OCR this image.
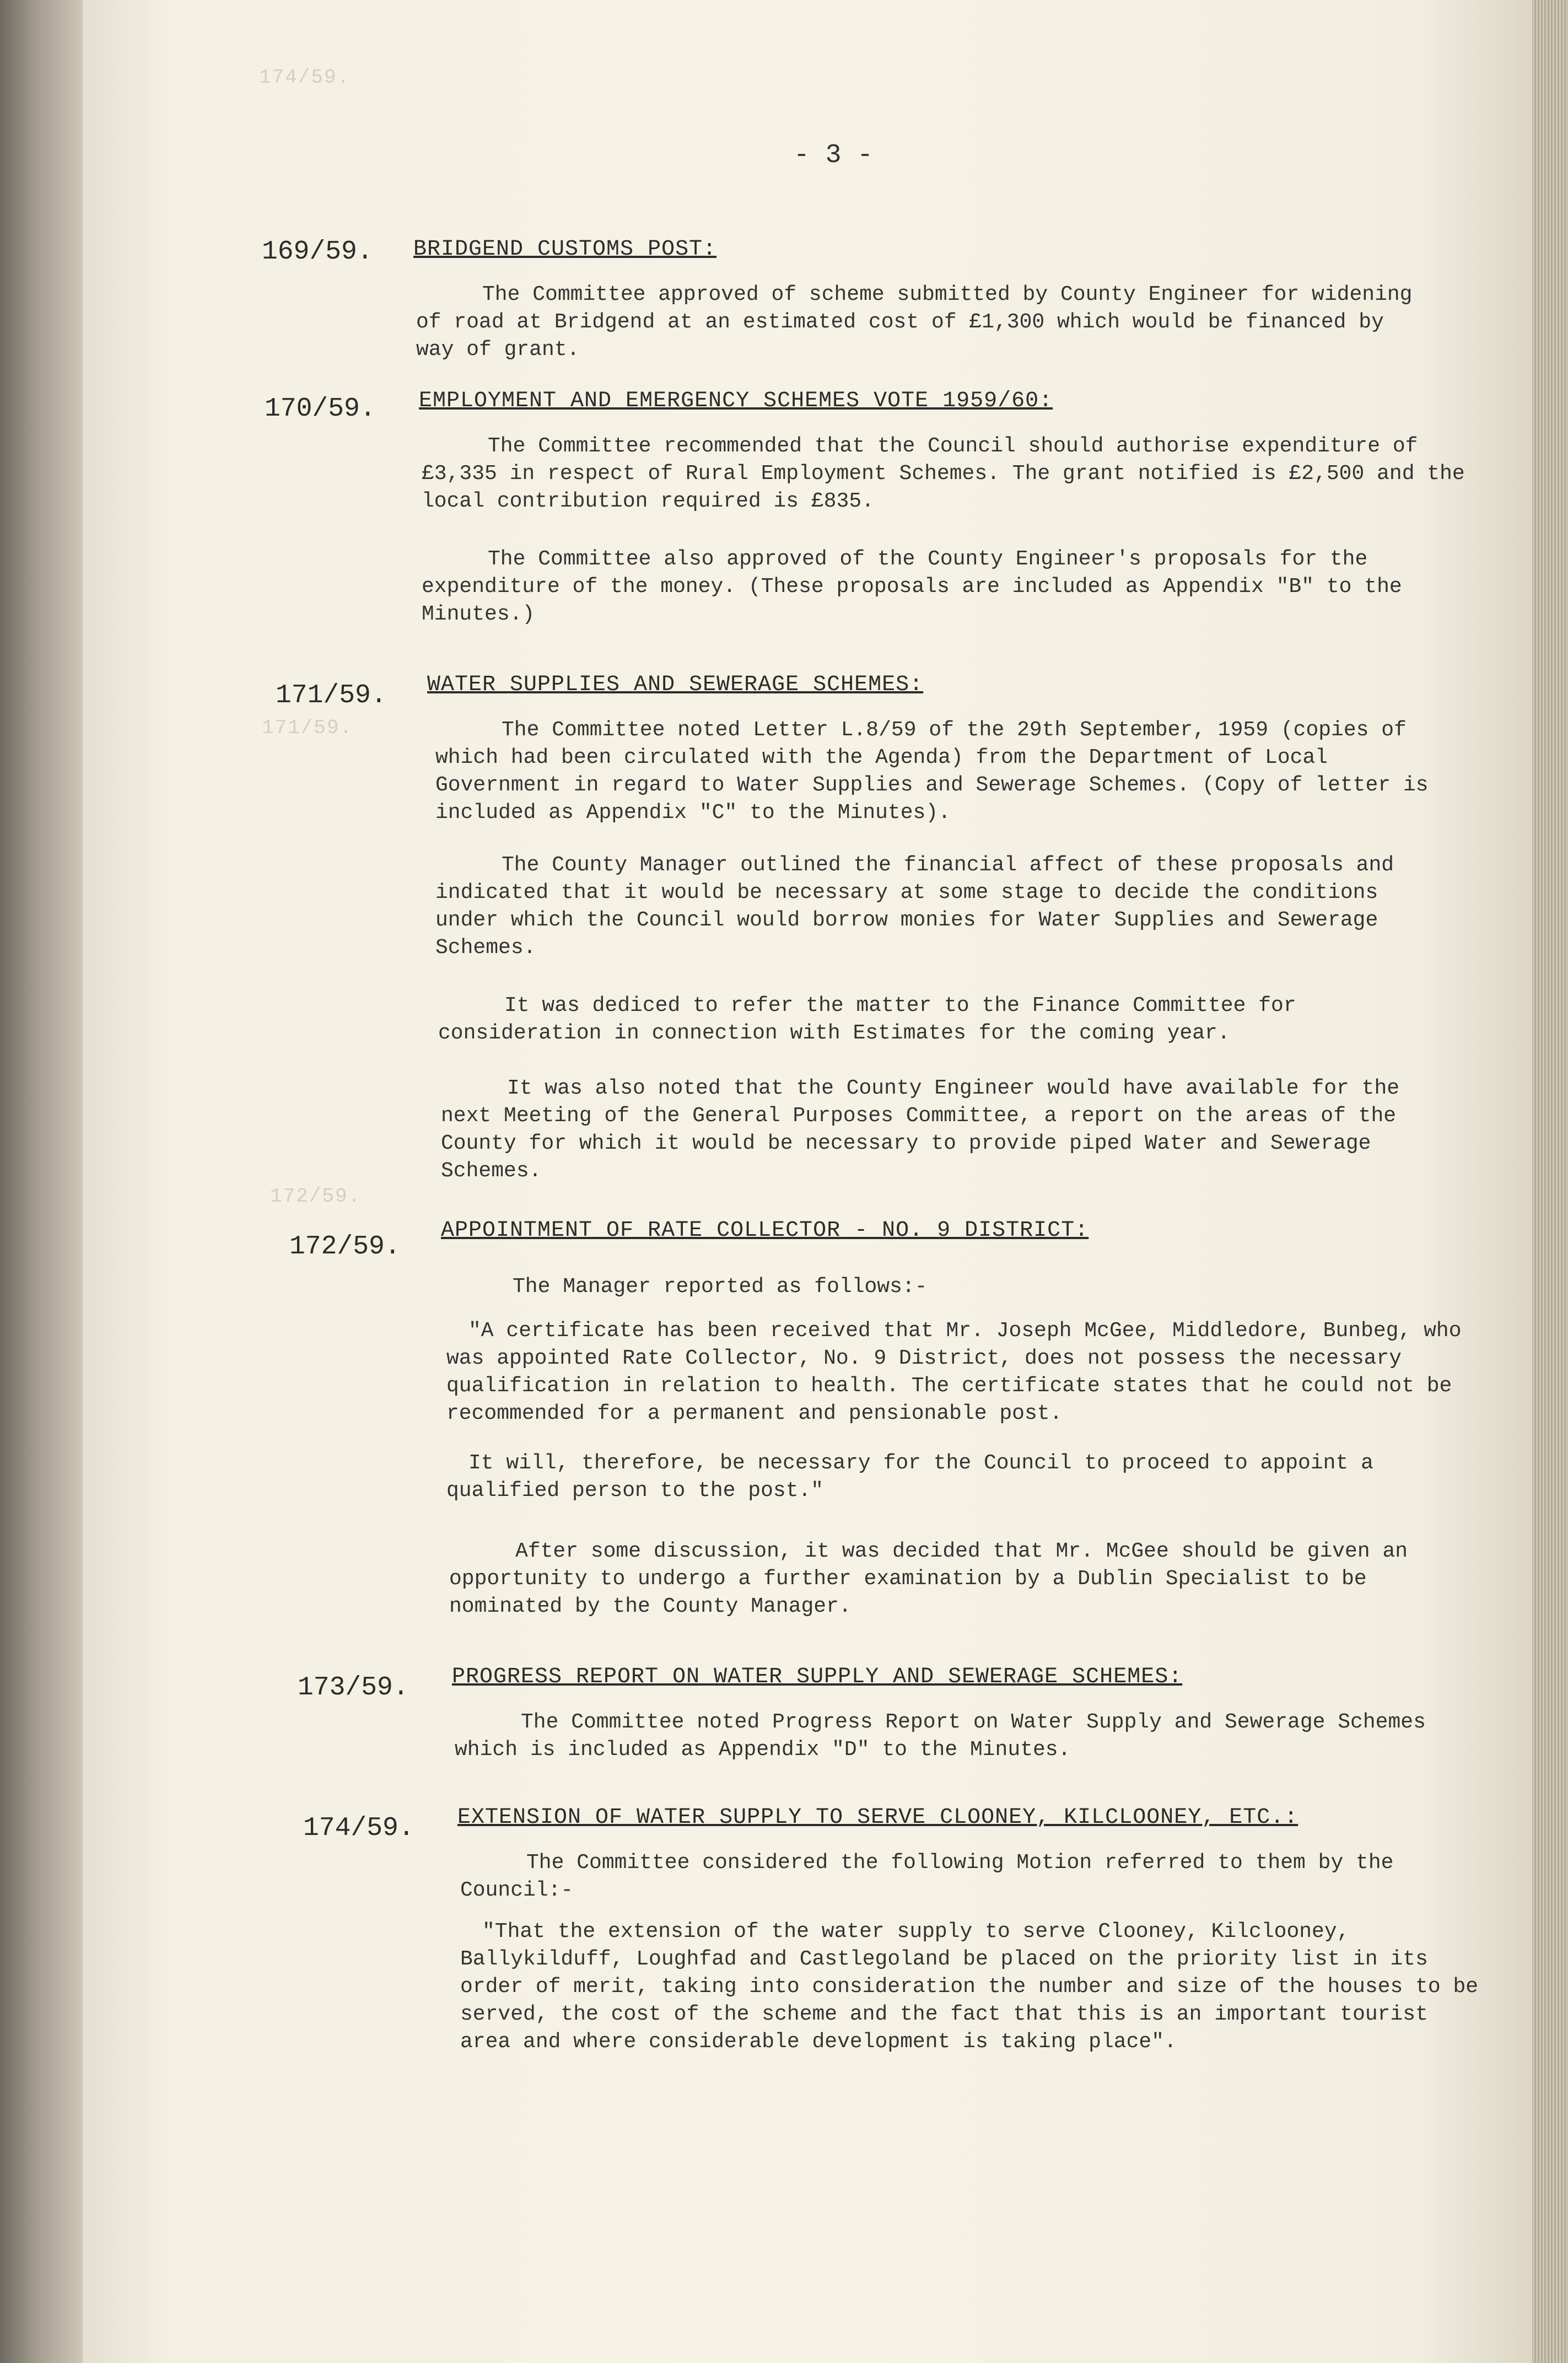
174/59.
171/59.
172/59.
- 3 -
169/59. BRIDGEND CUSTOMS POST:
The Committee approved of scheme submitted by County Engineer for widening of road at Bridgend at an estimated cost of £1,300 which would be financed by way of grant.
170/59. EMPLOYMENT AND EMERGENCY SCHEMES VOTE 1959/60:
The Committee recommended that the Council should authorise expenditure of £3,335 in respect of Rural Employment Schemes. The grant notified is £2,500 and the local contribution required is £835.
The Committee also approved of the County Engineer's proposals for the expenditure of the money. (These proposals are included as Appendix "B" to the Minutes.)
171/59. WATER SUPPLIES AND SEWERAGE SCHEMES:
The Committee noted Letter L.8/59 of the 29th September, 1959 (copies of which had been circulated with the Agenda) from the Department of Local Government in regard to Water Supplies and Sewerage Schemes. (Copy of letter is included as Appendix "C" to the Minutes).
The County Manager outlined the financial affect of these proposals and indicated that it would be necessary at some stage to decide the conditions under which the Council would borrow monies for Water Supplies and Sewerage Schemes.
It was dediced to refer the matter to the Finance Committee for consideration in connection with Estimates for the coming year.
It was also noted that the County Engineer would have available for the next Meeting of the General Purposes Committee, a report on the areas of the County for which it would be necessary to provide piped Water and Sewerage Schemes.
172/59.
APPOINTMENT OF RATE COLLECTOR - NO. 9 DISTRICT:
The Manager reported as follows:-
"A certificate has been received that Mr. Joseph McGee, Middledore, Bunbeg, who was appointed Rate Collector, No. 9 District, does not possess the necessary qualification in relation to health. The certificate states that he could not be recommended for a permanent and pensionable post.
It will, therefore, be necessary for the Council to proceed to appoint a qualified person to the post."
After some discussion, it was decided that Mr. McGee should be given an opportunity to undergo a further examination by a Dublin Specialist to be nominated by the County Manager.
173/59. PROGRESS REPORT ON WATER SUPPLY AND SEWERAGE SCHEMES:
The Committee noted Progress Report on Water Supply and Sewerage Schemes which is included as Appendix "D" to the Minutes.
174/59. EXTENSION OF WATER SUPPLY TO SERVE CLOONEY, KILCLOONEY, ETC.:
The Committee considered the following Motion referred to them by the Council:-
"That the extension of the water supply to serve Clooney, Kilclooney, Ballykilduff, Loughfad and Castlegoland be placed on the priority list in its order of merit, taking into consideration the number and size of the houses to be served, the cost of the scheme and the fact that this is an important tourist area and where considerable development is taking place".
